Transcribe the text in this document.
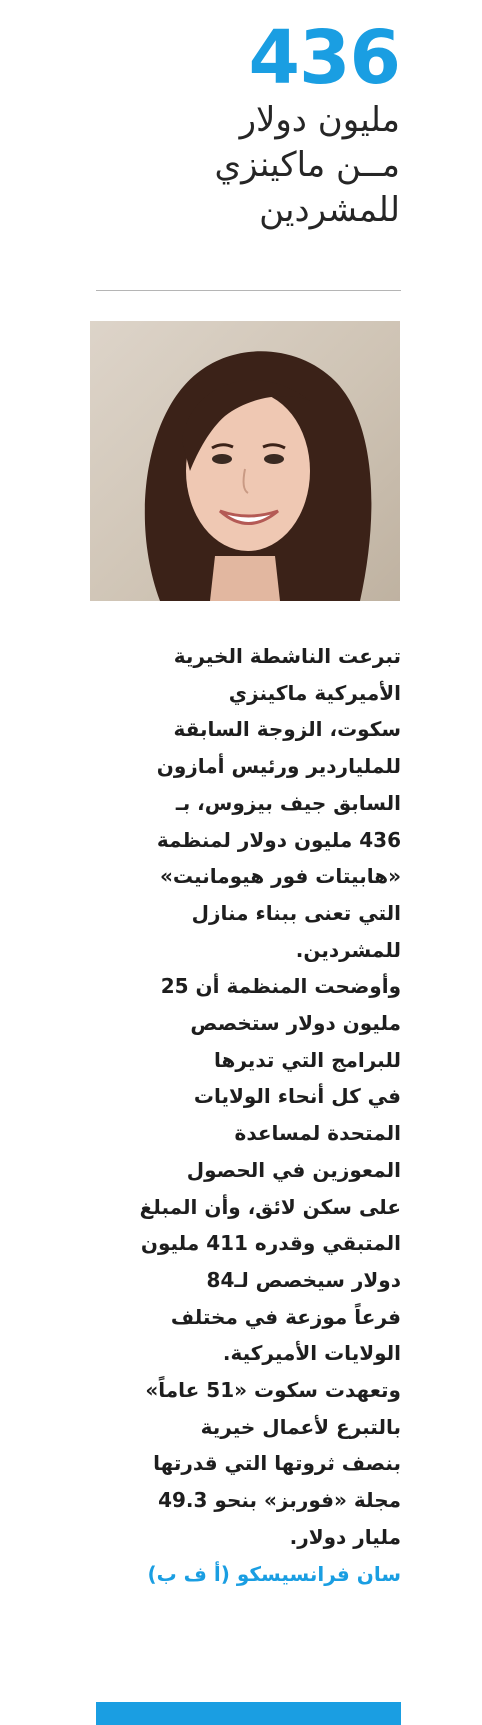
436
مليون دولار
مــن ماكينزي
للمشردين

تبرعت الناشطة الخيرية
الأميركية ماكينزي
سكوت، الزوجة السابقة
للملياردير ورئيس أمازون
السابق جيف بيزوس، بـ
436 مليون دولار لمنظمة
«هابيتات فور هيومانيت»
التي تعنى ببناء منازل
للمشردين.

وأوضحت المنظمة أن 25
مليون دولار ستخصص
للبرامج التي تديرها
في كل أنحاء الولايات
المتحدة لمساعدة
المعوزين في الحصول
على سكن لائق، وأن المبلغ
المتبقي وقدره 411 مليون
دولار سيخصص لـ84
فرعاً موزعة في مختلف
الولايات الأميركية.

وتعهدت سكوت «51 عاماً»
بالتبرع لأعمال خيرية
بنصف ثروتها التي قدرتها
مجلة «فوربز» بنحو 49.3
مليار دولار.

سان فرانسيسكو (أ ف ب)
